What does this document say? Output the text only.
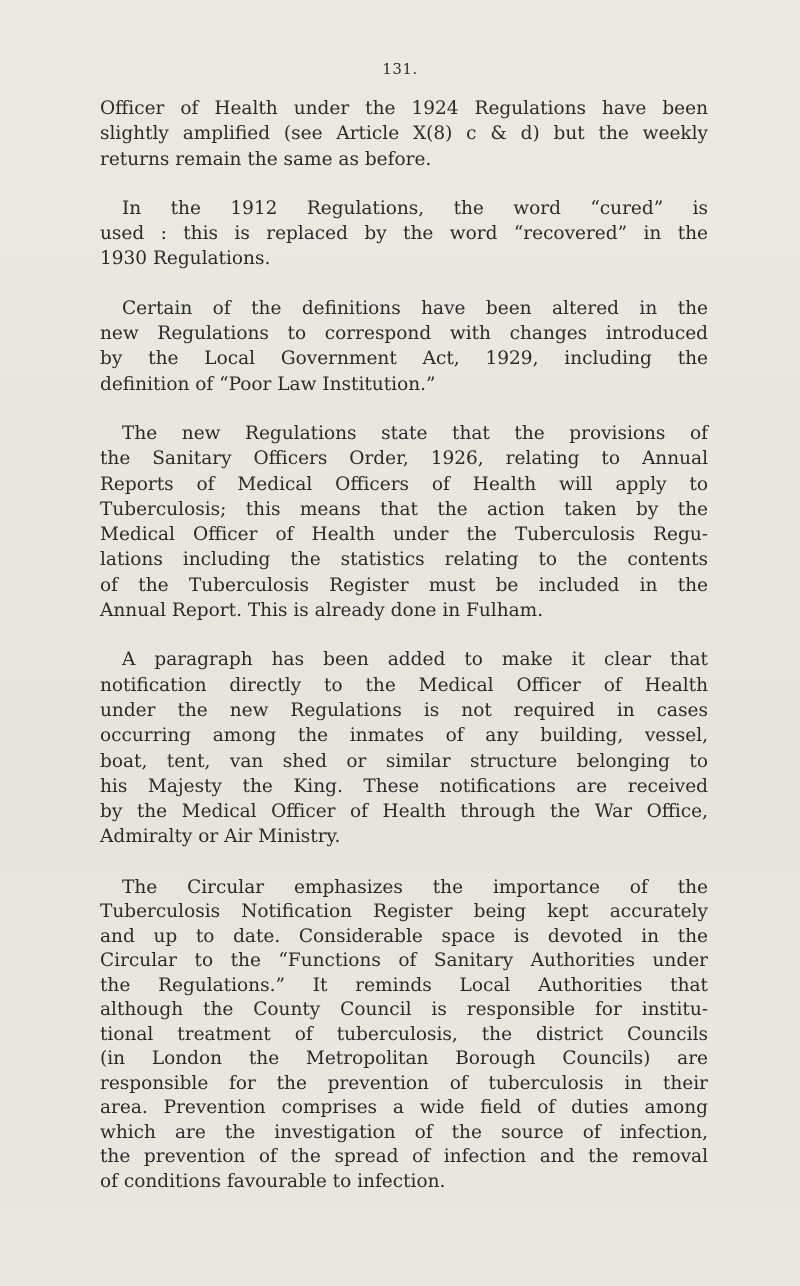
131.

Officer of Health under the 1924 Regulations have been
slightly amplified (see Article X(8) c & d) but the weekly
returns remain the same as before.

In the 1912 Regulations, the word “cured” is
used : this is replaced by the word “recovered” in the
1930 Regulations.

Certain of the definitions have been altered in the
new Regulations to correspond with changes introduced
by the Local Government Act, 1929, including the
definition of “Poor Law Institution.”

The new Regulations state that the provisions of
the Sanitary Officers Order, 1926, relating to Annual
Reports of Medical Officers of Health will apply to
Tuberculosis; this means that the action taken by the
Medical Officer of Health under the Tuberculosis Regu-
lations including the statistics relating to the contents
of the Tuberculosis Register must be included in the
Annual Report. This is already done in Fulham.

A paragraph has been added to make it clear that
notification directly to the Medical Officer of Health
under the new Regulations is not required in cases
occurring among the inmates of any building, vessel,
boat, tent, van shed or similar structure belonging to
his Majesty the King. These notifications are received
by the Medical Officer of Health through the War Office,
Admiralty or Air Ministry.

The Circular emphasizes the importance of the
Tuberculosis Notification Register being kept accurately
and up to date. Considerable space is devoted in the
Circular to the “Functions of Sanitary Authorities under
the Regulations.” It reminds Local Authorities that
although the County Council is responsible for institu-
tional treatment of tuberculosis, the district Councils
(in London the Metropolitan Borough Councils) are
responsible for the prevention of tuberculosis in their
area. Prevention comprises a wide field of duties among
which are the investigation of the source of infection,
the prevention of the spread of infection and the removal
of conditions favourable to infection.
